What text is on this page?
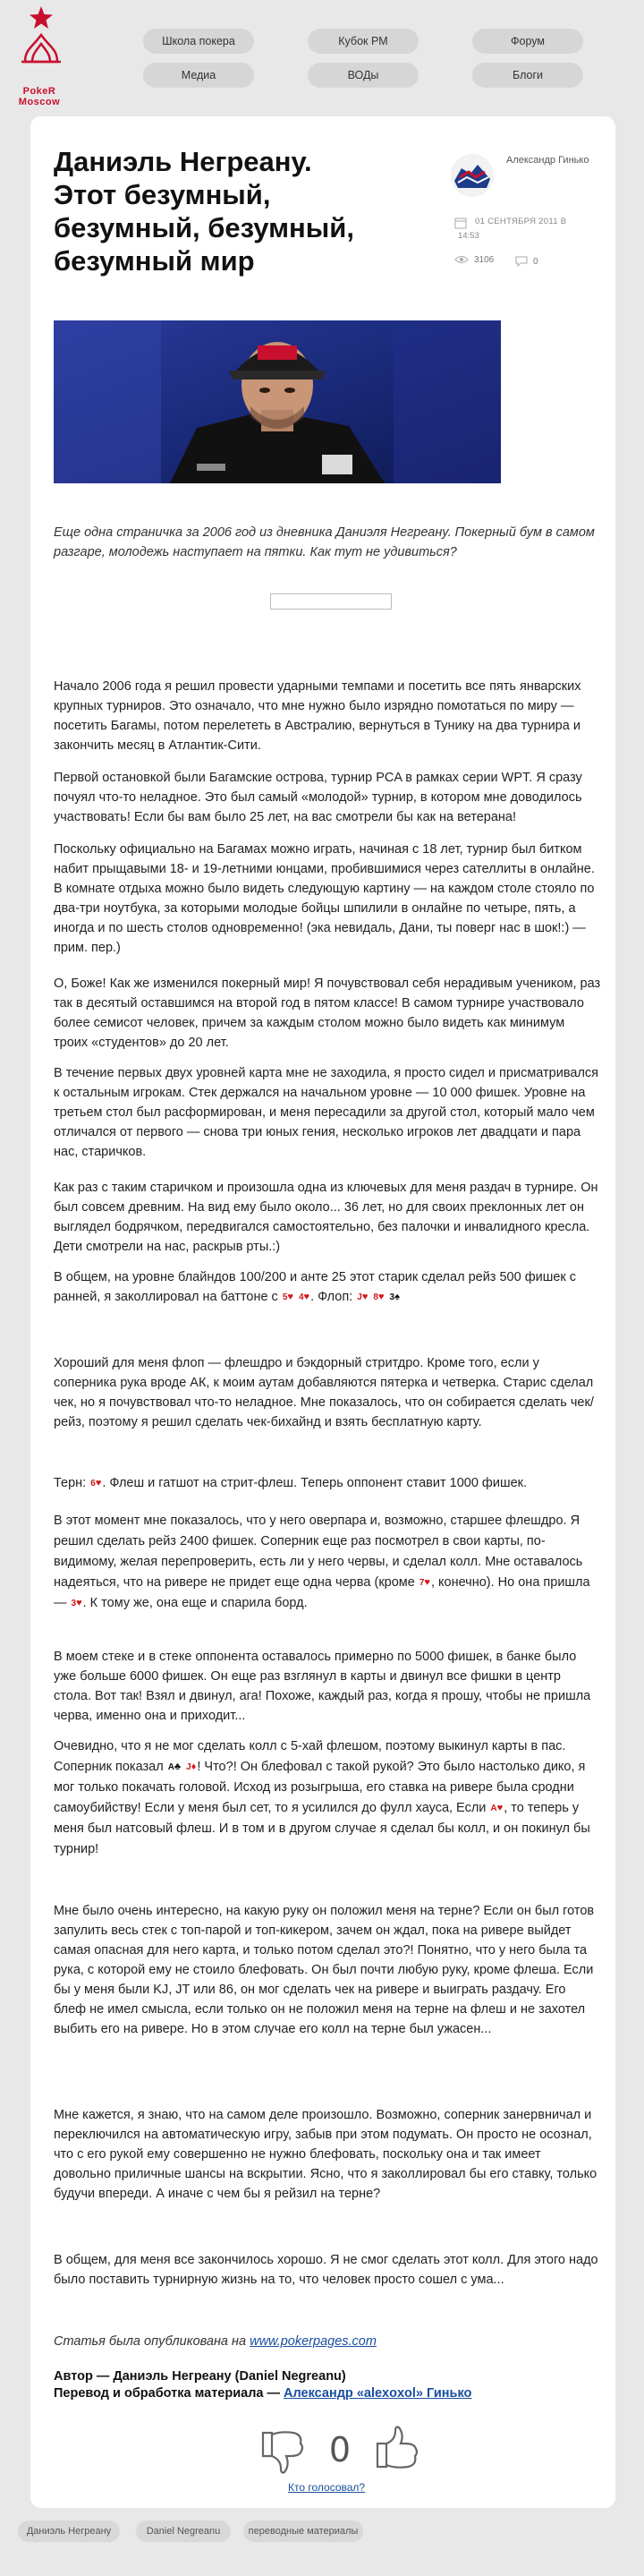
PokeR
Moscow
Школа покера	Кубок PM	Форум
Медиа	ВОДы	Блоги
Даниэль Негреану.
Этот безумный,
безумный, безумный,
безумный мир
Александр Гинько
01 СЕНТЯБРЯ 2011 В
14:53
3106	0

Еще одна страничка за 2006 год из дневника Даниэля Негреану. Покерный бум в самом разгаре, молодежь наступает на пятки. Как тут не удивиться?

Начало 2006 года я решил провести ударными темпами и посетить все пять январских крупных турниров. Это означало, что мне нужно было изрядно помотаться по миру — посетить Багамы, потом перелететь в Австралию, вернуться в Тунику на два турнира и закончить месяц в Атлантик-Сити.

Первой остановкой были Багамские острова, турнир PCA в рамках серии WPT. Я сразу почуял что-то неладное. Это был самый «молодой» турнир, в котором мне доводилось участвовать! Если бы вам было 25 лет, на вас смотрели бы как на ветерана!

Поскольку официально на Багамах можно играть, начиная с 18 лет, турнир был битком набит прыщавыми 18- и 19-летними юнцами, пробившимися через сателлиты в онлайне. В комнате отдыха можно было видеть следующую картину — на каждом столе стояло по два-три ноутбука, за которыми молодые бойцы шпилили в онлайне по четыре, пять, а иногда и по шесть столов одновременно! (эка невидаль, Дани, ты поверг нас в шок!:) — прим. пер.)

О, Боже! Как же изменился покерный мир! Я почувствовал себя нерадивым учеником, раз так в десятый оставшимся на второй год в пятом классе! В самом турнире участвовало более семисот человек, причем за каждым столом можно было видеть как минимум троих «студентов» до 20 лет.

В течение первых двух уровней карта мне не заходила, я просто сидел и присматривался к остальным игрокам. Стек держался на начальном уровне — 10 000 фишек. Уровне на третьем стол был расформирован, и меня пересадили за другой стол, который мало чем отличался от первого — снова три юных гения, несколько игроков лет двадцати и пара нас, старичков.

Как раз с таким старичком и произошла одна из ключевых для меня раздач в турнире. Он был совсем древним. На вид ему было около... 36 лет, но для своих преклонных лет он выглядел бодрячком, передвигался самостоятельно, без палочки и инвалидного кресла. Дети смотрели на нас, раскрыв рты.:)

В общем, на уровне блайндов 100/200 и анте 25 этот старик сделал рейз 500 фишек с ранней, я заколлировал на баттоне с 5♥ 4♥. Флоп: J♥ 8♥ 3♠

Хороший для меня флоп — флешдро и бэкдорный стритдро. Кроме того, если у соперника рука вроде АК, к моим аутам добавляются пятерка и четверка. Старис сделал чек, но я почувствовал что-то неладное. Мне показалось, что он собирается сделать чек/рейз, поэтому я решил сделать чек-бихайнд и взять бесплатную карту.

Терн: 6♥. Флеш и гатшот на стрит-флеш. Теперь оппонент ставит 1000 фишек.

В этот момент мне показалось, что у него оверпара и, возможно, старшее флешдро. Я решил сделать рейз 2400 фишек. Соперник еще раз посмотрел в свои карты, по-видимому, желая перепроверить, есть ли у него червы, и сделал колл. Мне оставалось надеяться, что на ривере не придет еще одна червa (кроме 7♥, конечно). Но она пришла — 3♥. К тому же, она еще и спарила борд.

В моем стеке и в стеке оппонента оставалось примерно по 5000 фишек, в банке было уже больше 6000 фишек. Он еще раз взглянул в карты и двинул все фишки в центр стола. Вот так! Взял и двинул, ага! Похоже, каждый раз, когда я прошу, чтобы не пришла черва, именно она и приходит...

Очевидно, что я не мог сделать колл с 5-хай флешом, поэтому выкинул карты в пас. Соперник показал A♣ J♦! Что?! Он блефовал с такой рукой? Это было настолько дико, я мог только покачать головой. Исход из розыгрыша, его ставка на ривере была сродни самоубийству! Если у меня был сет, то я усилился до фулл хауса, Если A♥, то теперь у меня был натсовый флеш. И в том и в другом случае я сделал бы колл, и он покинул бы турнир!

Мне было очень интересно, на какую руку он положил меня на терне? Если он был готов запулить весь стек с топ-парой и топ-кикером, зачем он ждал, пока на ривере выйдет самая опасная для него карта, и только потом сделал это?! Понятно, что у него была та рука, с которой ему не стоило блефовать. Он был почти любую руку, кроме флеша. Если бы у меня были KJ, JT или 86, он мог сделать чек на ривере и выиграть раздачу. Его блеф не имел смысла, если только он не положил меня на терне на флеш и не захотел выбить его на ривере. Но в этом случае его колл на терне был ужасен...

Мне кажется, я знаю, что на самом деле произошло. Возможно, соперник занервничал и переключился на автоматическую игру, забыв при этом подумать. Он просто не осознал, что с его рукой ему совершенно не нужно блефовать, поскольку она и так имеет довольно приличные шансы на вскрытии. Ясно, что я заколлировал бы его ставку, только будучи впереди. А иначе с чем бы я рейзил на терне?

В общем, для меня все закончилось хорошо. Я не смог сделать этот колл. Для этого надо было поставить турнирную жизнь на то, что человек просто сошел с ума...

Статья была опубликована на www.pokerpages.com
Автор — Даниэль Негреану (Daniel Negreanu)
Перевод и обработка материала — Александр «alexoxol» Гинько
0
Кто голосовал?
Даниэль Негреану	Daniel Negreanu	переводные материалы
